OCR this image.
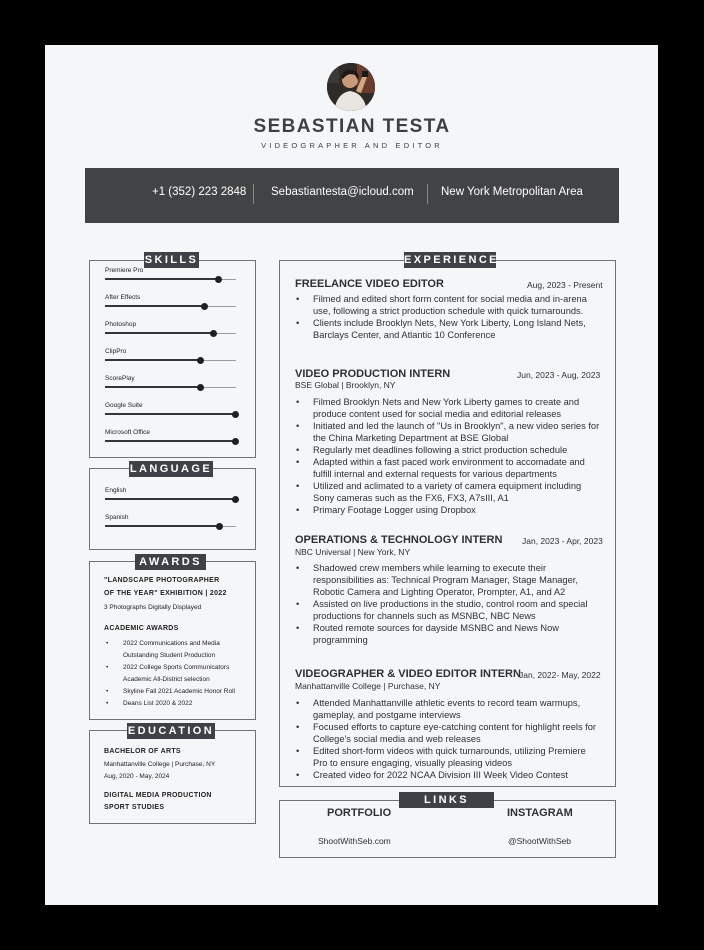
SEBASTIAN TESTA
VIDEOGRAPHER AND EDITOR
+1 (352) 223 2848 Sebastiantesta@icloud.com New York Metropolitan Area
SKILLS
Premiere Pro
After Effects
Photoshop
ClipPro
ScorePlay
Google Suite
Microsoft Office
LANGUAGE
English
Spanish
AWARDS
"LANDSCAPE PHOTOGRAPHER
OF THE YEAR" EXHIBITION | 2022
3 Photographs Digitally Displayed
ACADEMIC AWARDS
• 2022 Communications and Media Outstanding Student Production
• 2022 College Sports Communicators Academic All-District selection
• Skyline Fall 2021 Academic Honor Roll
• Deans List 2020 & 2022
EDUCATION
BACHELOR OF ARTS
Manhattanville College | Purchase, NY
Aug, 2020 - May, 2024
DIGITAL MEDIA PRODUCTION
SPORT STUDIES
EXPERIENCE
FREELANCE VIDEO EDITOR	Aug, 2023 - Present
• Filmed and edited short form content for social media and in-arena use, following a strict production schedule with quick turnarounds.
• Clients include Brooklyn Nets, New York Liberty, Long Island Nets, Barclays Center, and Atlantic 10 Conference
VIDEO PRODUCTION INTERN	Jun, 2023 - Aug, 2023
BSE Global | Brooklyn, NY
• Filmed Brooklyn Nets and New York Liberty games to create and produce content used for social media and editorial releases
• Initiated and led the launch of "Us in Brooklyn", a new video series for the China Marketing Department at BSE Global
• Regularly met deadlines following a strict production schedule
• Adapted within a fast paced work environment to accomadate and fulfill internal and external requests for various departments
• Utilized and aclimated to a variety of camera equipment including Sony cameras such as the FX6, FX3, A7sIII, A1
• Primary Footage Logger using Dropbox
OPERATIONS & TECHNOLOGY INTERN Jan, 2023 - Apr, 2023
NBC Universal | New York, NY
• Shadowed crew members while learning to execute their responsibilities as: Technical Program Manager, Stage Manager, Robotic Camera and Lighting Operator, Prompter, A1, and A2
• Assisted on live productions in the studio, control room and special productions for channels such as MSNBC, NBC News
• Routed remote sources for dayside MSNBC and News Now programming
VIDEOGRAPHER & VIDEO EDITOR INTERN
Jan, 2022- May, 2022
Manhattanville College | Purchase, NY
• Attended Manhattanville athletic events to record team warmups, gameplay, and postgame interviews
• Focused efforts to capture eye-catching content for highlight reels for College's social media and web releases
• Edited short-form videos with quick turnarounds, utilizing Premiere Pro to ensure engaging, visually pleasing videos
• Created video for 2022 NCAA Division III Week Video Contest
LINKS
PORTFOLIO
ShootWithSeb.com
INSTAGRAM
@ShootWithSeb
